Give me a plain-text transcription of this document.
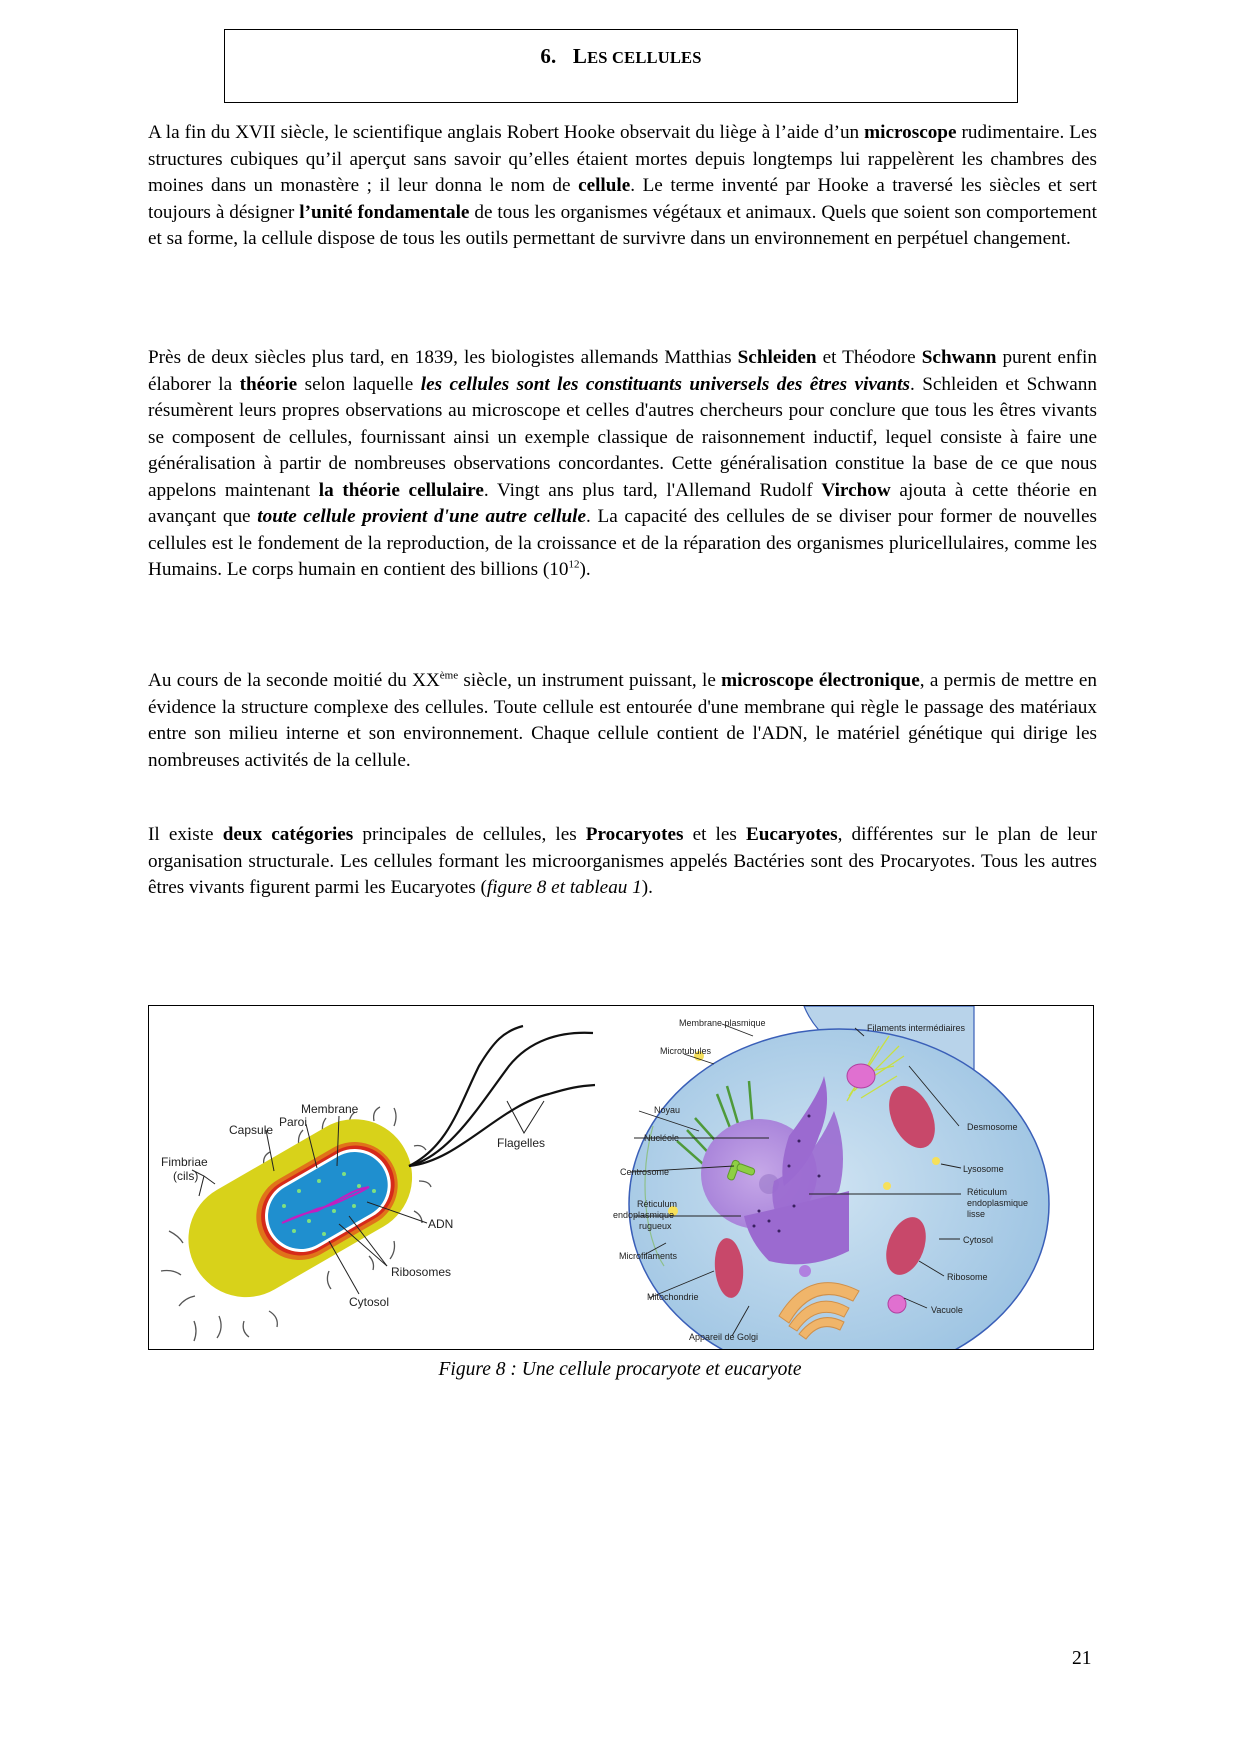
6. LES CELLULES

A la fin du XVII siècle, le scientifique anglais Robert Hooke observait du liège à l’aide d’un microscope rudimentaire. Les structures cubiques qu’il aperçut sans savoir qu’elles étaient mortes depuis longtemps lui rappelèrent les chambres des moines dans un monastère ; il leur donna le nom de cellule. Le terme inventé par Hooke a traversé les siècles et sert toujours à désigner l’unité fondamentale de tous les organismes végétaux et animaux. Quels que soient son comportement et sa forme, la cellule dispose de tous les outils permettant de survivre dans un environnement en perpétuel changement.

Près de deux siècles plus tard, en 1839, les biologistes allemands Matthias Schleiden et Théodore Schwann purent enfin élaborer la théorie selon laquelle les cellules sont les constituants universels des êtres vivants. Schleiden et Schwann résumèrent leurs propres observations au microscope et celles d'autres chercheurs pour conclure que tous les êtres vivants se composent de cellules, fournissant ainsi un exemple classique de raisonnement inductif, lequel consiste à faire une généralisation à partir de nombreuses observations concordantes. Cette généralisation constitue la base de ce que nous appelons maintenant la théorie cellulaire. Vingt ans plus tard, l'Allemand Rudolf Virchow ajouta à cette théorie en avançant que toute cellule provient d'une autre cellule. La capacité des cellules de se diviser pour former de nouvelles cellules est le fondement de la reproduction, de la croissance et de la réparation des organismes pluricellulaires, comme les Humains. Le corps humain en contient des billions $(10^{12})$.

Au cours de la seconde moitié du XXème siècle, un instrument puissant, le microscope électronique, a permis de mettre en évidence la structure complexe des cellules. Toute cellule est entourée d'une membrane qui règle le passage des matériaux entre son milieu interne et son environnement. Chaque cellule contient de l'ADN, le matériel génétique qui dirige les nombreuses activités de la cellule.

Il existe deux catégories principales de cellules, les Procaryotes et les Eucaryotes, différentes sur le plan de leur organisation structurale. Les cellules formant les microorganismes appelés Bactéries sont des Procaryotes. Tous les autres êtres vivants figurent parmi les Eucaryotes (figure 8 et tableau 1).

Membrane
Paroi
Capsule
Fimbriae
(cils)
Flagelles
ADN
Ribosomes
Cytosol
Membrane plasmique
Microtubules
Noyau
Nucléole
Centrosome
Réticulum
endoplasmique
rugueux
Microfilaments
Mitochondrie
Appareil de Golgi
Filaments intermédiaires
Desmosome
Lysosome
Réticulum
endoplasmique
lisse
Cytosol
Ribosome
Vacuole
Figure 8 : Une cellule procaryote et eucaryote
21
